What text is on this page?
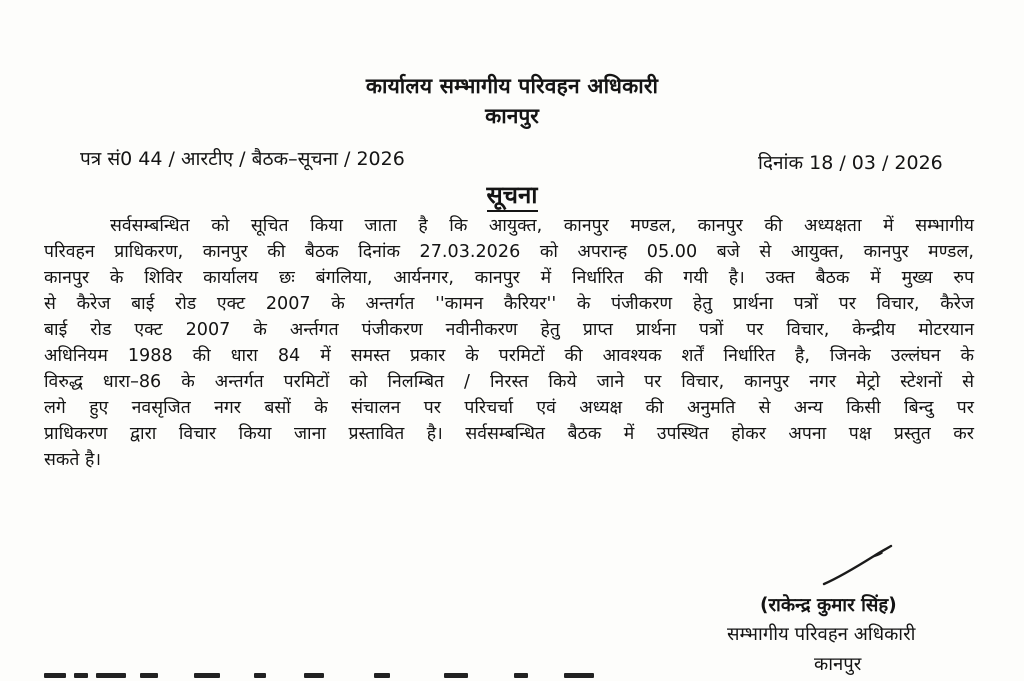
कार्यालय सम्भागीय परिवहन अधिकारी
कानपुर
पत्र सं0 44 / आरटीए / बैठक–सूचना / 2026	दिनांक 18 / 03 / 2026
सूचना
सर्वसम्बन्धित को सूचित किया जाता है कि आयुक्त, कानपुर मण्डल, कानपुर की अध्यक्षता में सम्भागीय
परिवहन प्राधिकरण, कानपुर की बैठक दिनांक 27.03.2026 को अपरान्ह 05.00 बजे से आयुक्त, कानपुर मण्डल,
कानपुर के शिविर कार्यालय छः बंगलिया, आर्यनगर, कानपुर में निर्धारित की गयी है। उक्त बैठक में मुख्य रुप
से कैरेज बाई रोड एक्ट 2007 के अन्तर्गत ''कामन कैरियर'' के पंजीकरण हेतु प्रार्थना पत्रों पर विचार, कैरेज
बाई रोड एक्ट 2007 के अर्न्तगत पंजीकरण नवीनीकरण हेतु प्राप्त प्रार्थना पत्रों पर विचार, केन्द्रीय मोटरयान
अधिनियम 1988 की धारा 84 में समस्त प्रकार के परमिटों की आवश्यक शर्तें निर्धारित है, जिनके उल्लंघन के
विरुद्ध धारा–86 के अन्तर्गत परमिटों को निलम्बित / निरस्त किये जाने पर विचार, कानपुर नगर मेट्रो स्टेशनों से
लगे हुए नवसृजित नगर बसों के संचालन पर परिचर्चा एवं अध्यक्ष की अनुमति से अन्य किसी बिन्दु पर
प्राधिकरण द्वारा विचार किया जाना प्रस्तावित है। सर्वसम्बन्धित बैठक में उपस्थित होकर अपना पक्ष प्रस्तुत कर
सकते है।
(राकेन्द्र कुमार सिंह)
सम्भागीय परिवहन अधिकारी
कानपुर
